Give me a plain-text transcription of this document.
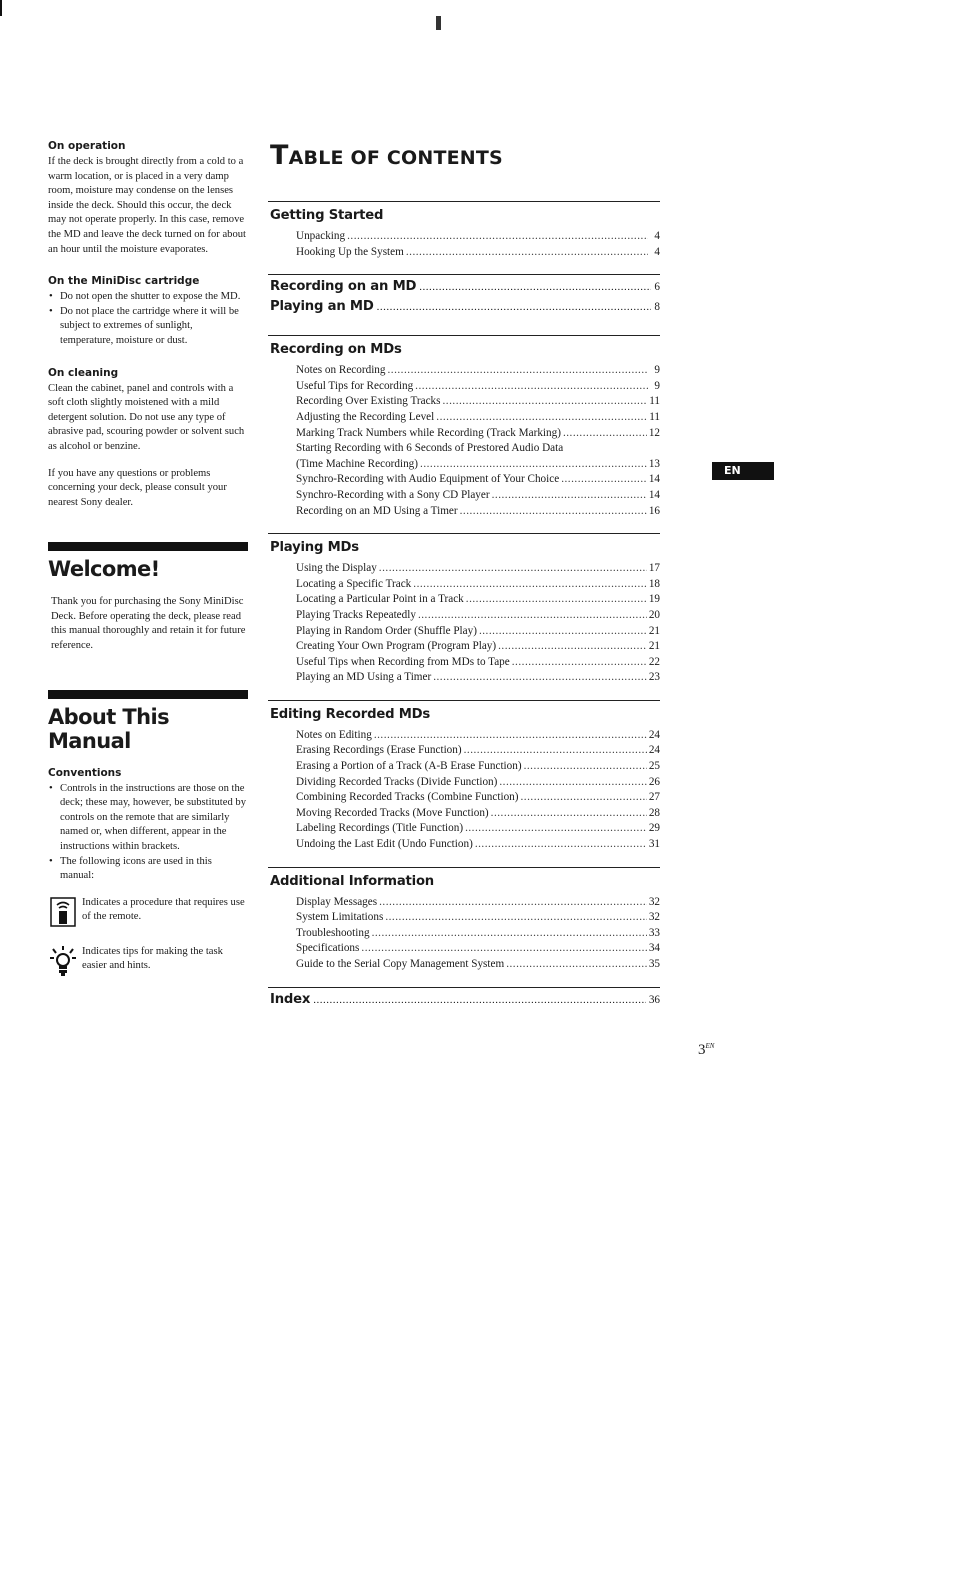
On operation

If the deck is brought directly from a cold to a warm location, or is placed in a very damp room, moisture may condense on the lenses inside the deck. Should this occur, the deck may not operate properly. In this case, remove the MD and leave the deck turned on for about an hour until the moisture evaporates.

On the MiniDisc cartridge
• Do not open the shutter to expose the MD.
• Do not place the cartridge where it will be subject to extremes of sunlight, temperature, moisture or dust.
On cleaning

Clean the cabinet, panel and controls with a soft cloth slightly moistened with a mild detergent solution. Do not use any type of abrasive pad, scouring powder or solvent such as alcohol or benzine.

If you have any questions or problems concerning your deck, please consult your nearest Sony dealer.

Welcome!

Thank you for purchasing the Sony MiniDisc Deck. Before operating the deck, please read this manual thoroughly and retain it for future reference.

About This Manual
Conventions
• Controls in the instructions are those on the deck; these may, however, be substituted by controls on the remote that are similarly named or, when different, appear in the instructions within brackets.
• The following icons are used in this manual:
Indicates a procedure that requires use of the remote.
Indicates tips for making the task easier and hints.
TABLE OF CONTENTS
Getting Started
Unpacking .....	4
Hooking Up the System .....	4
Recording on an MD .....	6
Playing an MD .....	8
Recording on MDs
Notes on Recording .....	9
Useful Tips for Recording .....	9
Recording Over Existing Tracks .....	11
Adjusting the Recording Level .....	11
Marking Track Numbers while Recording (Track Marking) .....	12
Starting Recording with 6 Seconds of Prestored Audio Data
(Time Machine Recording) .....	13
Synchro-Recording with Audio Equipment of Your Choice .....	14
Synchro-Recording with a Sony CD Player .....	14
Recording on an MD Using a Timer .....	16
Playing MDs
Using the Display .....	17
Locating a Specific Track .....	18
Locating a Particular Point in a Track .....	19
Playing Tracks Repeatedly .....	20
Playing in Random Order (Shuffle Play) .....	21
Creating Your Own Program (Program Play) .....	21
Useful Tips when Recording from MDs to Tape .....	22
Playing an MD Using a Timer .....	23
Editing Recorded MDs
Notes on Editing .....	24
Erasing Recordings (Erase Function) .....	24
Erasing a Portion of a Track (A-B Erase Function) .....	25
Dividing Recorded Tracks (Divide Function) .....	26
Combining Recorded Tracks (Combine Function) .....	27
Moving Recorded Tracks (Move Function) .....	28
Labeling Recordings (Title Function) .....	29
Undoing the Last Edit (Undo Function) .....	31
Additional Information
Display Messages .....	32
System Limitations .....	32
Troubleshooting .....	33
Specifications .....	34
Guide to the Serial Copy Management System .....	35
Index .....	36
EN
$3^{EN}$
